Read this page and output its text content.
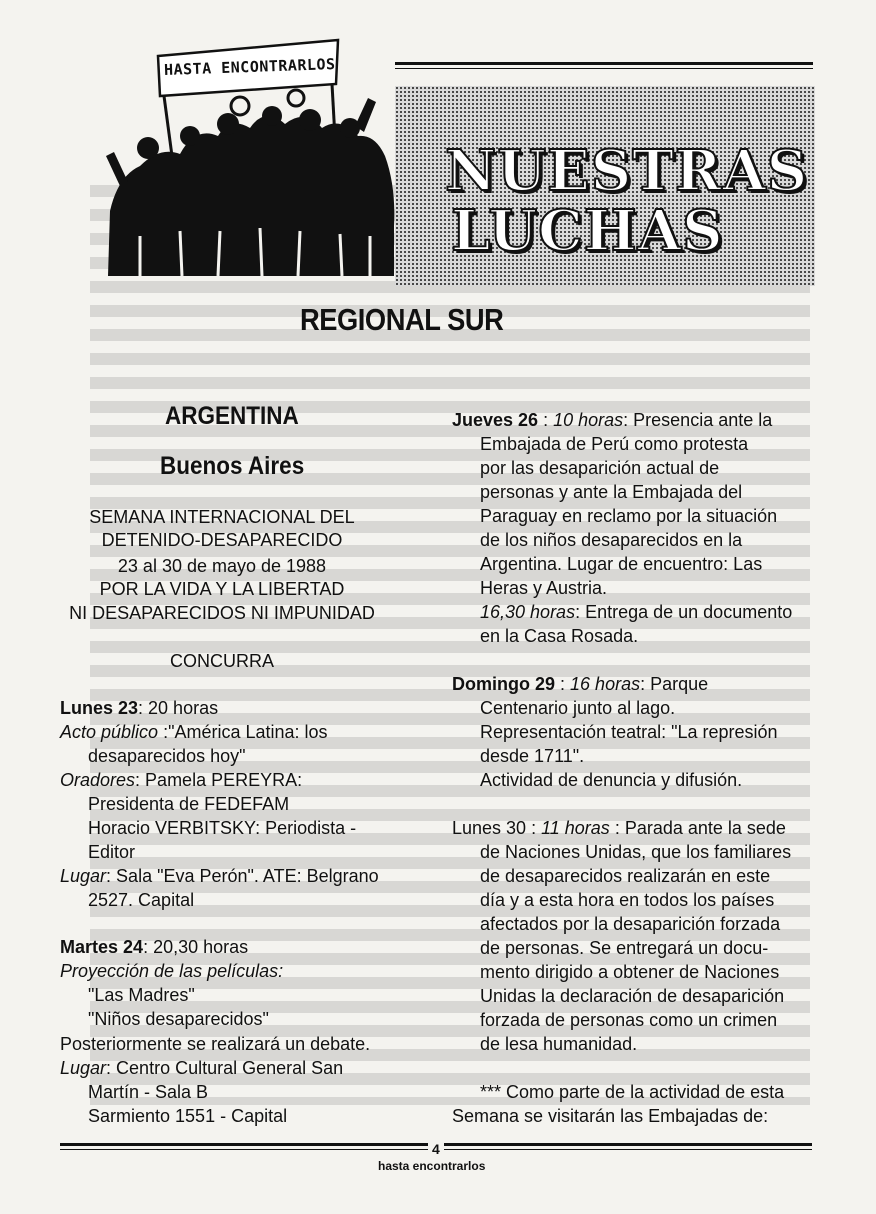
HASTA ENCONTRARLOS
NUESTRAS
LUCHAS
REGIONAL SUR
ARGENTINA
Buenos Aires
SEMANA INTERNACIONAL DEL
DETENIDO-DESAPARECIDO
23 al 30 de mayo de 1988
POR LA VIDA Y LA LIBERTAD
NI DESAPARECIDOS NI IMPUNIDAD
CONCURRA
Lunes 23: 20 horas
Acto público :"América Latina: los
desaparecidos hoy"
Oradores: Pamela PEREYRA:
Presidenta de FEDEFAM
Horacio VERBITSKY: Periodista -
Editor
Lugar: Sala "Eva Perón". ATE: Belgrano
2527. Capital
Martes 24: 20,30 horas
Proyección de las películas:
"Las Madres"
"Niños desaparecidos"
Posteriormente se realizará un debate.
Lugar: Centro Cultural General San
Martín - Sala B
Sarmiento 1551 - Capital
Jueves 26 : 10 horas: Presencia ante la
Embajada de Perú como protesta
por las desaparición actual de
personas y ante la Embajada del
Paraguay en reclamo por la situación
de los niños desaparecidos en la
Argentina. Lugar de encuentro: Las
Heras y Austria.
16,30 horas: Entrega de un documento
en la Casa Rosada.
Domingo 29 : 16 horas: Parque
Centenario junto al lago.
Representación teatral: "La represión
desde 1711".
Actividad de denuncia y difusión.
Lunes 30 : 11 horas : Parada ante la sede
de Naciones Unidas, que los familiares
de desaparecidos realizarán en este
día y a esta hora en todos los países
afectados por la desaparición forzada
de personas. Se entregará un docu-
mento dirigido a obtener de Naciones
Unidas la declaración de desaparición
forzada de personas como un crimen
de lesa humanidad.
*** Como parte de la actividad de esta
Semana se visitarán las Embajadas de:
4
hasta encontrarlos
